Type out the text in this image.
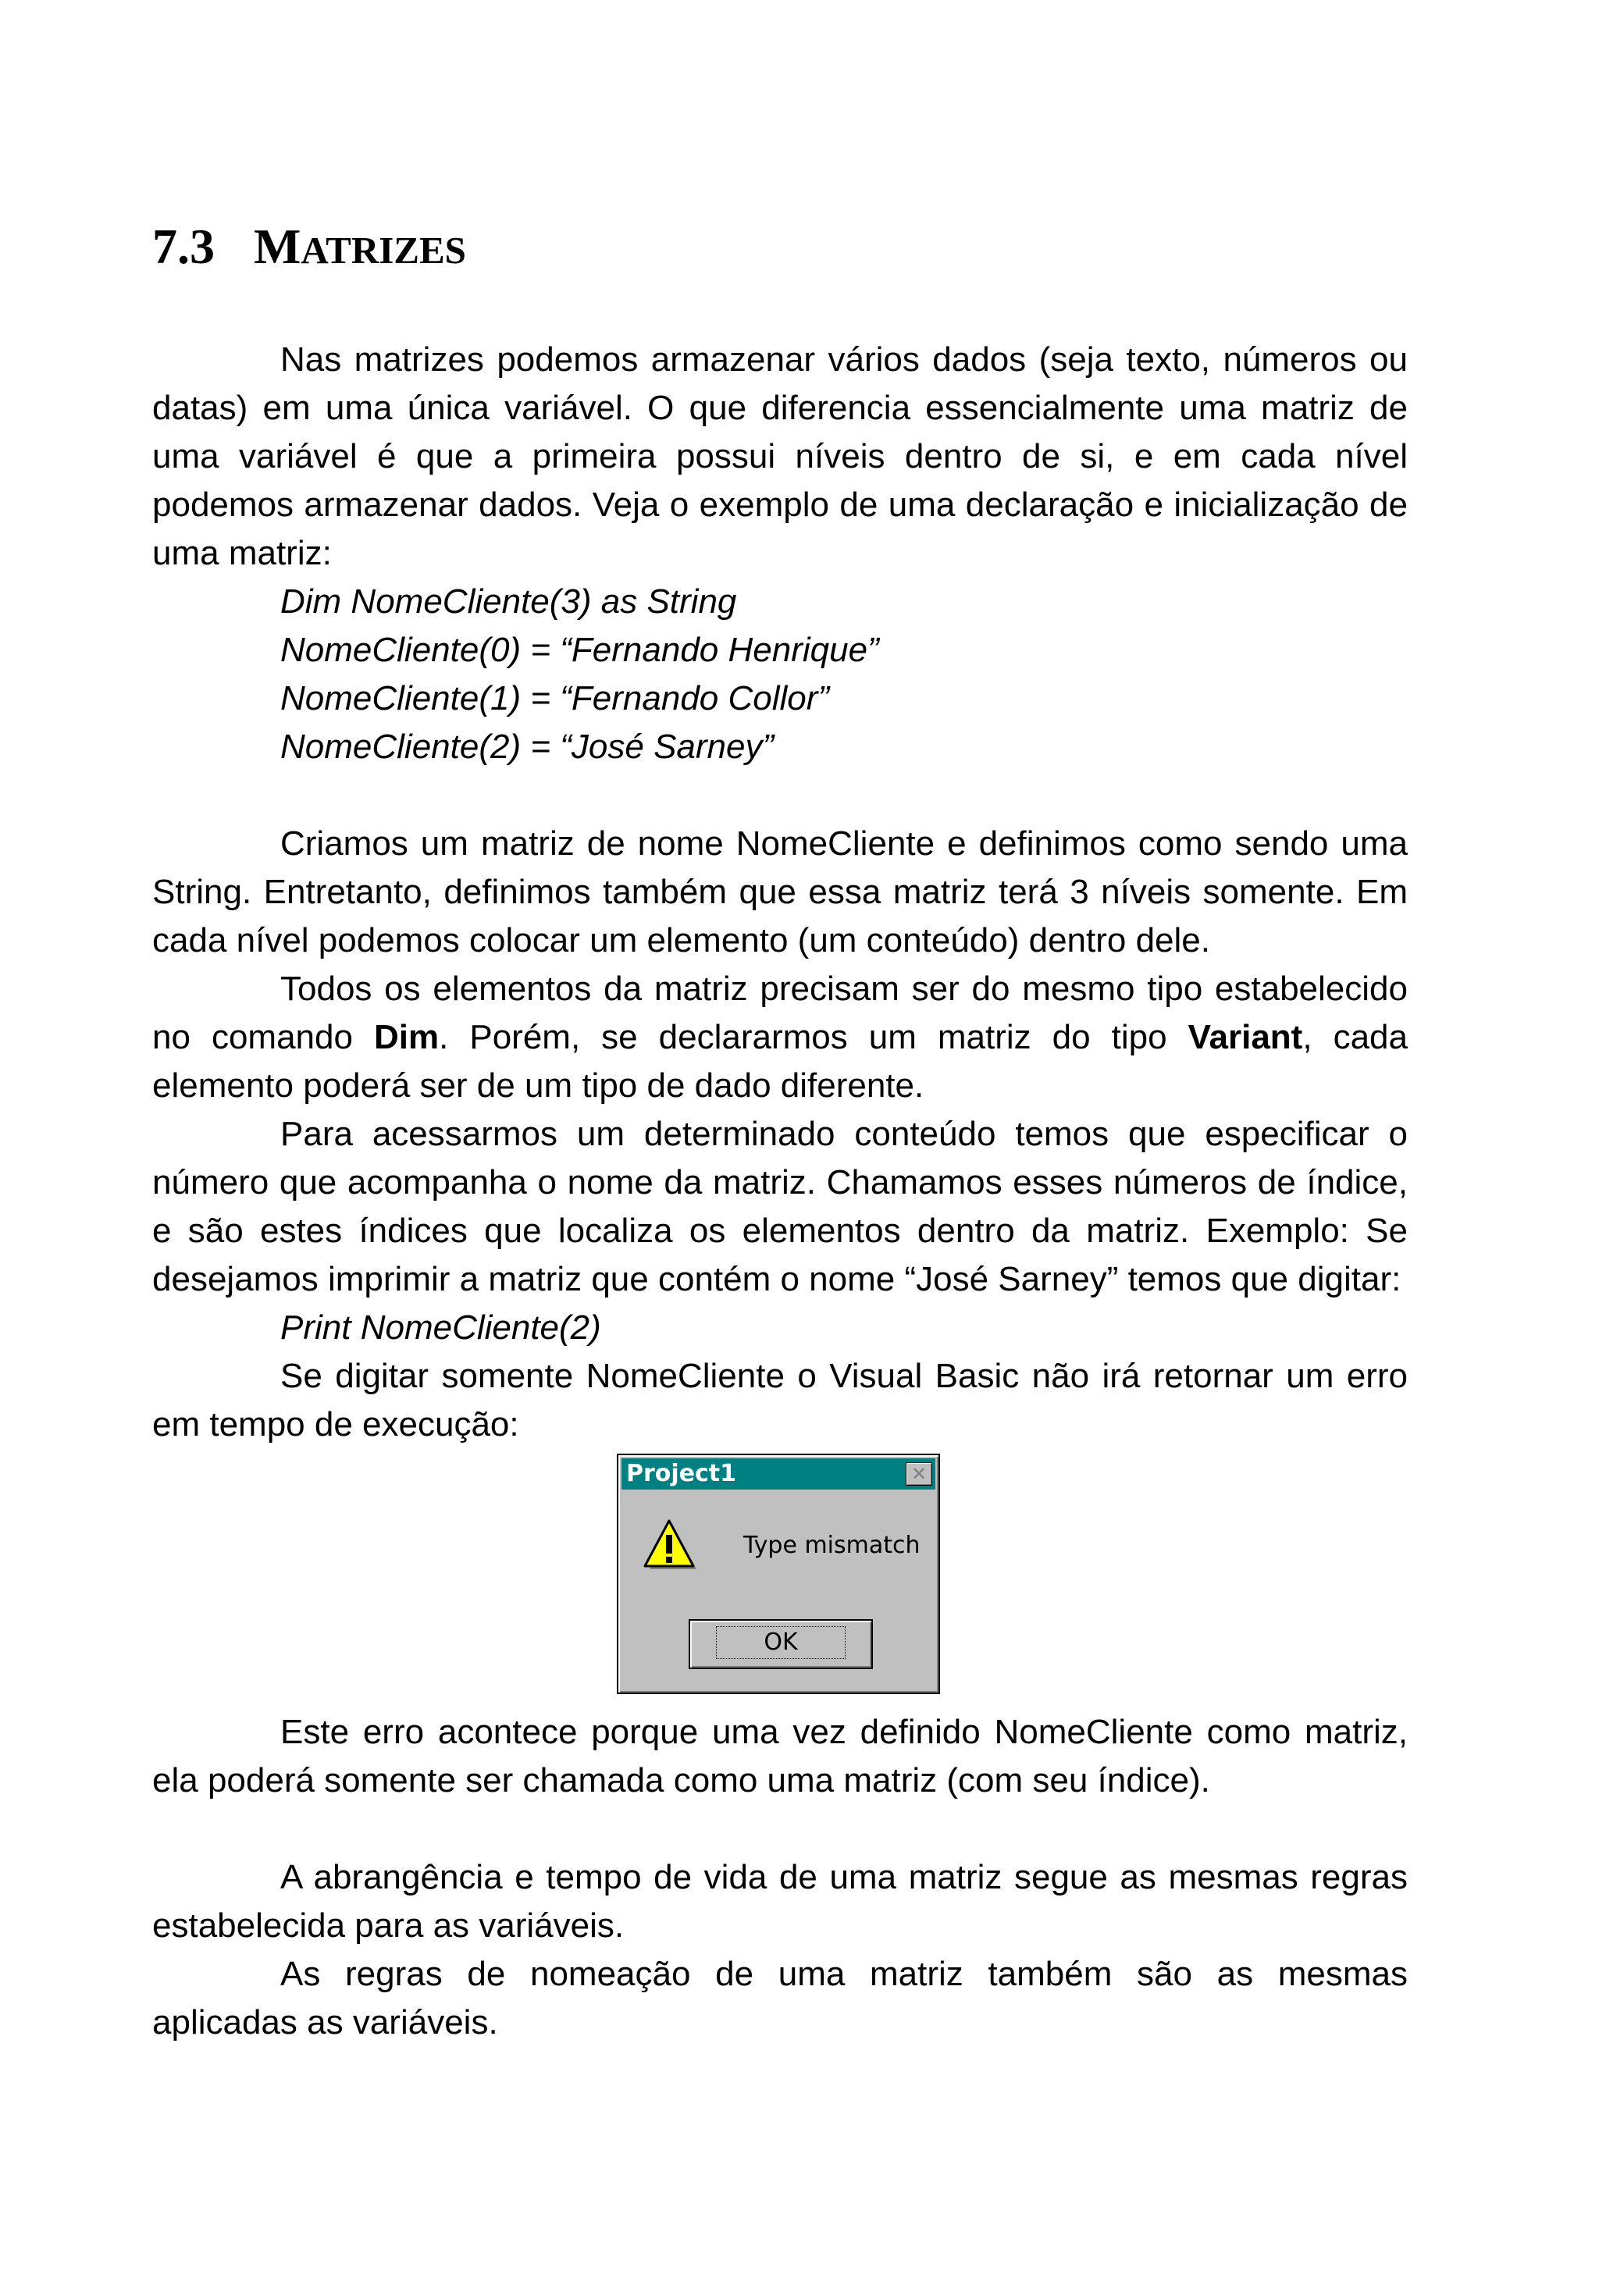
7.3 MATRIZES

Nas matrizes podemos armazenar vários dados (seja texto, números ou datas) em uma única variável. O que diferencia essencialmente uma matriz de uma variável é que a primeira possui níveis dentro de si, e em cada nível podemos armazenar dados. Veja o exemplo de uma declaração e inicialização de uma matriz:

Dim NomeCliente(3) as String
NomeCliente(0) = “Fernando Henrique”
NomeCliente(1) = “Fernando Collor”
NomeCliente(2) = “José Sarney”

Criamos um matriz de nome NomeCliente e definimos como sendo uma String. Entretanto, definimos também que essa matriz terá 3 níveis somente. Em cada nível podemos colocar um elemento (um conteúdo) dentro dele.

Todos os elementos da matriz precisam ser do mesmo tipo estabelecido no comando Dim. Porém, se declararmos um matriz do tipo Variant, cada elemento poderá ser de um tipo de dado diferente.

Para acessarmos um determinado conteúdo temos que especificar o número que acompanha o nome da matriz. Chamamos esses números de índice, e são estes índices que localiza os elementos dentro da matriz. Exemplo: Se desejamos imprimir a matriz que contém o nome “José Sarney” temos que digitar:

Print NomeCliente(2)

Se digitar somente NomeCliente o Visual Basic não irá retornar um erro em tempo de execução:

Project1	✕
Type mismatch
OK

Este erro acontece porque uma vez definido NomeCliente como matriz, ela poderá somente ser chamada como uma matriz (com seu índice).

A abrangência e tempo de vida de uma matriz segue as mesmas regras estabelecida para as variáveis.

As regras de nomeação de uma matriz também são as mesmas aplicadas as variáveis.
